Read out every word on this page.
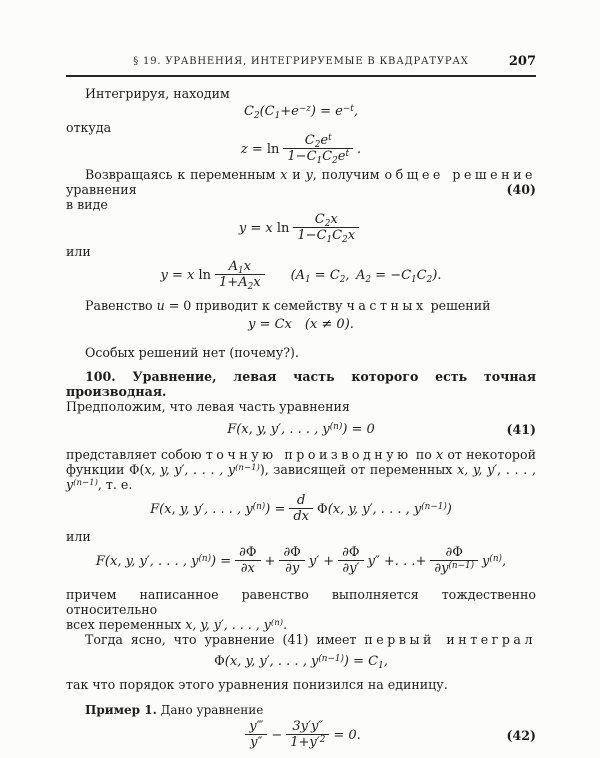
§ 19. УРАВНЕНИЯ, ИНТЕГРИРУЕМЫЕ В КВАДРАТУРАХ	207
Интегрируя, находим
$C_2(C_1+e^{-z}) = e^{-t}$,
откуда
$z = \ln \frac{C_2e^t}{1-C_1C_2e^t}$ .
Возвращаясь к переменным x и y, получим общее решение уравнения	(40)
в виде
y = x $\ln \frac{C_2x}{1-C_1C_2x}$
или
y = x $\ln \frac{A_1x}{1+A_2x} (A_1 = C_2$, $A_2 = -C_1C_2$).
Равенство u = 0 приводит к семейству частных решений
y = Cx  (x ≠ 0).
Особых решений нет (почему?).
100. Уравнение, левая часть которого есть точная производная.
Предположим, что левая часть уравнения
F(x, y, y′, . . . , $y^{(n)}) = 0$	(41)
представляет собою точную производную по x от некоторой
функции Φ(x, y, y′, . . . , $y^{(n-1)}$), зависящей от переменных x, y, y′, . . . ,
$y^{(n-1)}$, т. е.
F(x, y, y′, . . . , $y^{(n)}) = \frac{d}{dx} \Phi(x$, y, y′, . . . , $y^{(n-1)}$)
или
F(x, y, y′, . . . , $y^{(n)}) = \frac{\partial\Phi}{\partial x} + \frac{\partial\Phi}{\partial y} y' + \frac{\partial\Phi}{\partial y'} y''$ +. . .+ $\frac{\partial\Phi}{\partial y^{(n-1)}} y^{(n)}$,
причем написанное равенство выполняется тождественно относительно
всех переменных x, y, y′, . . . , $y^{(n)}$.
Тогда ясно, что уравнение (41) имеет первый интеграл
Φ(x, y, y′, . . . , $y^{(n-1)}) = C_1$,
так что порядок этого уравнения понизился на единицу.
Пример 1. Дано уравнение
$\frac{y‴}{y''} - \frac{3y'y''}{1+y'^2} = 0$.	(42)
